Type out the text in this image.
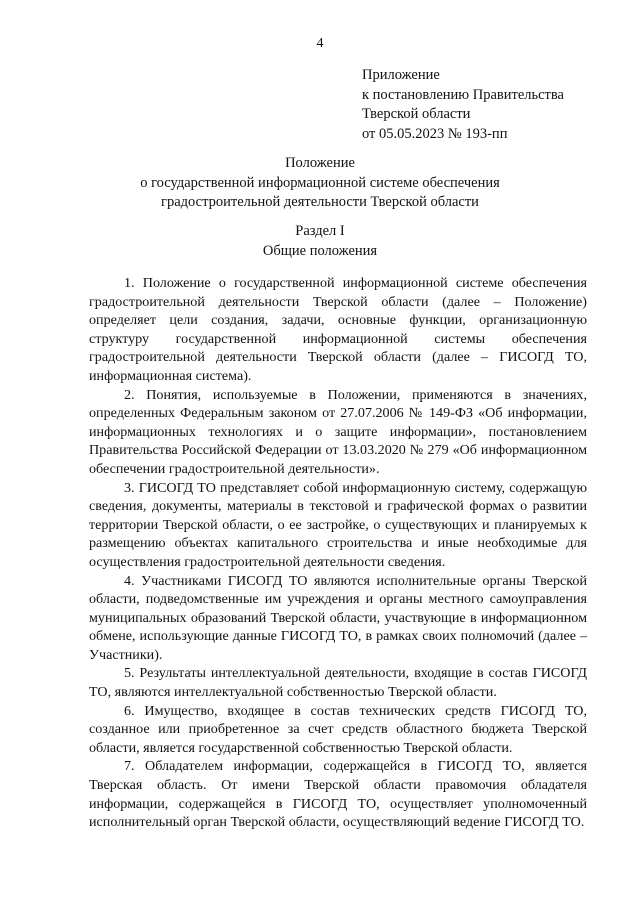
4
Приложение
к постановлению Правительства
Тверской области
от 05.05.2023 № 193-пп
Положение
о государственной информационной системе обеспечения
градостроительной деятельности Тверской области
Раздел I
Общие положения

1. Положение о государственной информационной системе обеспечения градостроительной деятельности Тверской области (далее – Положение) определяет цели создания, задачи, основные функции, организационную структуру государственной информационной системы обеспечения градостроительной деятельности Тверской области (далее – ГИСОГД ТО, информационная система).

2. Понятия, используемые в Положении, применяются в значениях, определенных Федеральным законом от 27.07.2006 № 149-ФЗ «Об информации, информационных технологиях и о защите информации», постановлением Правительства Российской Федерации от 13.03.2020 № 279 «Об информационном обеспечении градостроительной деятельности».

3. ГИСОГД ТО представляет собой информационную систему, содержащую сведения, документы, материалы в текстовой и графической формах о развитии территории Тверской области, о ее застройке, о существующих и планируемых к размещению объектах капитального строительства и иные необходимые для осуществления градостроительной деятельности сведения.

4. Участниками ГИСОГД ТО являются исполнительные органы Тверской области, подведомственные им учреждения и органы местного самоуправления муниципальных образований Тверской области, участвующие в информационном обмене, использующие данные ГИСОГД ТО, в рамках своих полномочий (далее – Участники).

5. Результаты интеллектуальной деятельности, входящие в состав ГИСОГД ТО, являются интеллектуальной собственностью Тверской области.

6. Имущество, входящее в состав технических средств ГИСОГД ТО, созданное или приобретенное за счет средств областного бюджета Тверской области, является государственной собственностью Тверской области.

7. Обладателем информации, содержащейся в ГИСОГД ТО, является Тверская область. От имени Тверской области правомочия обладателя информации, содержащейся в ГИСОГД ТО, осуществляет уполномоченный исполнительный орган Тверской области, осуществляющий ведение ГИСОГД ТО.
